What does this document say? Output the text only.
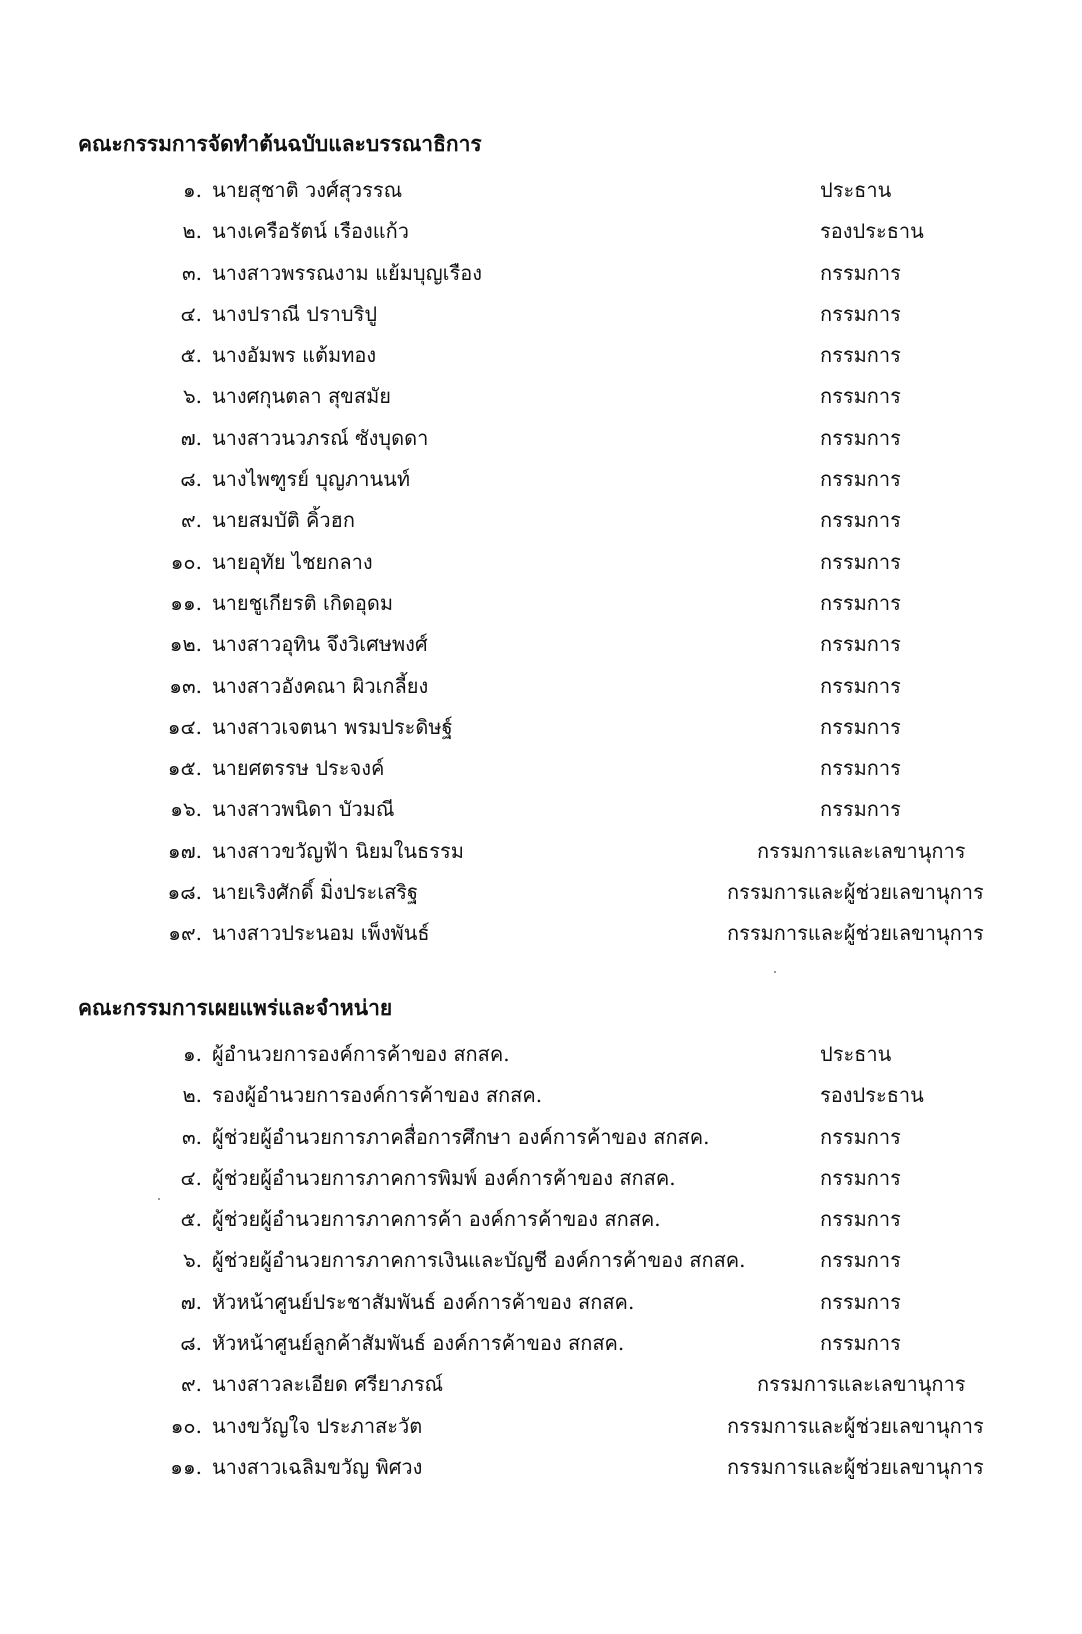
คณะกรรมการจัดทำต้นฉบับและบรรณาธิการ
๑. นายสุชาติ วงศ์สุวรรณ	ประธาน
๒. นางเครือรัตน์ เรืองแก้ว	รองประธาน
๓. นางสาวพรรณงาม แย้มบุญเรือง	กรรมการ
๔. นางปราณี ปราบริปู	กรรมการ
๕. นางอัมพร แต้มทอง	กรรมการ
๖. นางศกุนตลา สุขสมัย	กรรมการ
๗. นางสาวนวภรณ์ ซังบุดดา	กรรมการ
๘. นางไพฑูรย์ บุญภานนท์	กรรมการ
๙. นายสมบัติ คิ้วฮก	กรรมการ
๑๐. นายอุทัย ไชยกลาง	กรรมการ
๑๑. นายชูเกียรติ เกิดอุดม	กรรมการ
๑๒. นางสาวอุทิน จึงวิเศษพงศ์	กรรมการ
๑๓. นางสาวอังคณา ผิวเกลี้ยง	กรรมการ
๑๔. นางสาวเจตนา พรมประดิษฐ์	กรรมการ
๑๕. นายศตรรษ ประจงค์	กรรมการ
๑๖. นางสาวพนิดา บัวมณี	กรรมการ
๑๗. นางสาวขวัญฟ้า นิยมในธรรม	กรรมการและเลขานุการ
๑๘. นายเริงศักดิ์ มิ่งประเสริฐ	กรรมการและผู้ช่วยเลขานุการ
๑๙. นางสาวประนอม เพ็งพันธ์	กรรมการและผู้ช่วยเลขานุการ
คณะกรรมการเผยแพร่และจำหน่าย
๑. ผู้อำนวยการองค์การค้าของ สกสค.	ประธาน
๒. รองผู้อำนวยการองค์การค้าของ สกสค.	รองประธาน
๓. ผู้ช่วยผู้อำนวยการภาคสื่อการศึกษา องค์การค้าของ สกสค.	กรรมการ
๔. ผู้ช่วยผู้อำนวยการภาคการพิมพ์ องค์การค้าของ สกสค.	กรรมการ
๕. ผู้ช่วยผู้อำนวยการภาคการค้า องค์การค้าของ สกสค.	กรรมการ
๖. ผู้ช่วยผู้อำนวยการภาคการเงินและบัญชี องค์การค้าของ สกสค.	กรรมการ
๗. หัวหน้าศูนย์ประชาสัมพันธ์ องค์การค้าของ สกสค.	กรรมการ
๘. หัวหน้าศูนย์ลูกค้าสัมพันธ์ องค์การค้าของ สกสค.	กรรมการ
๙. นางสาวละเอียด ศรียาภรณ์	กรรมการและเลขานุการ
๑๐. นางขวัญใจ ประภาสะวัต	กรรมการและผู้ช่วยเลขานุการ
๑๑. นางสาวเฉลิมขวัญ พิศวง	กรรมการและผู้ช่วยเลขานุการ
